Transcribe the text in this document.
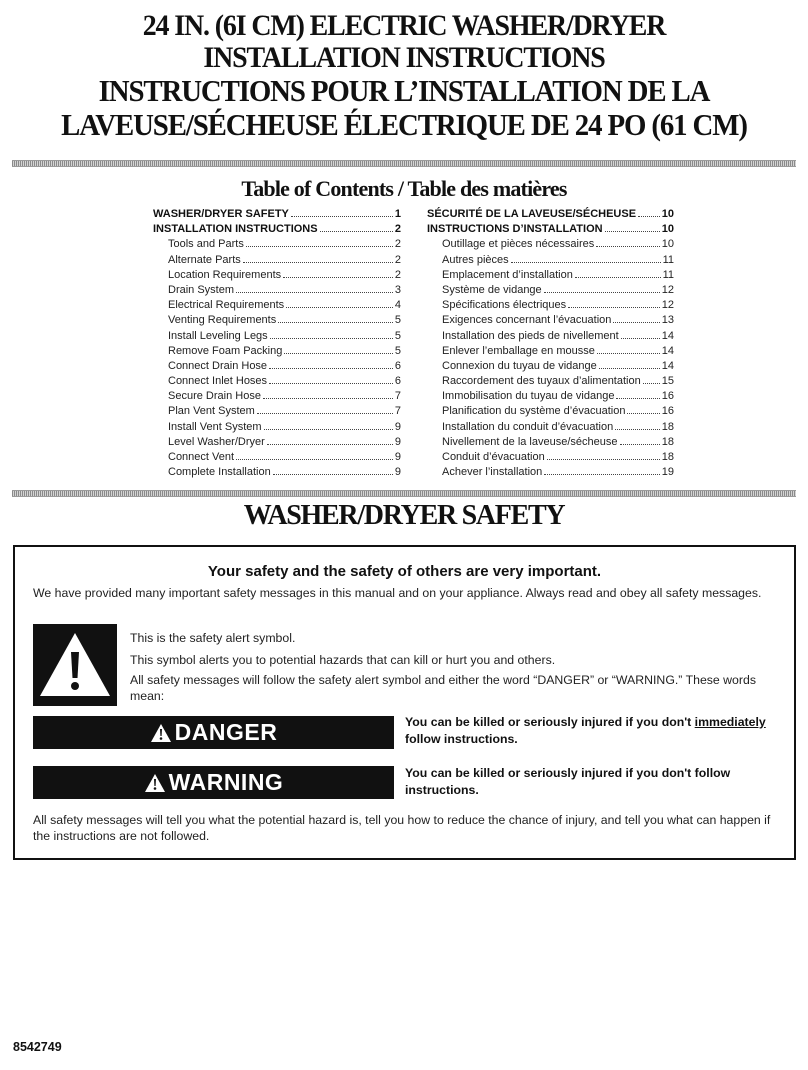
24 IN. (6I CM) ELECTRIC WASHER/DRYER
INSTALLATION INSTRUCTIONS
INSTRUCTIONS POUR L’INSTALLATION DE LA
LAVEUSE/SÉCHEUSE ÉLECTRIQUE DE 24 PO (61 CM)
Table of Contents / Table des matières
WASHER/DRYER SAFETY	1
INSTALLATION INSTRUCTIONS	2
Tools and Parts	2
Alternate Parts	2
Location Requirements	2
Drain System	3
Electrical Requirements	4
Venting Requirements	5
Install Leveling Legs	5
Remove Foam Packing	5
Connect Drain Hose	6
Connect Inlet Hoses	6
Secure Drain Hose	7
Plan Vent System	7
Install Vent System	9
Level Washer/Dryer	9
Connect Vent	9
Complete Installation	9
SÉCURITÉ DE LA LAVEUSE/SÉCHEUSE 10
INSTRUCTIONS D’INSTALLATION	10
Outillage et pièces nécessaires	10
Autres pièces	11
Emplacement d’installation	11
Système de vidange	12
Spécifications électriques	12
Exigences concernant l’évacuation	13
Installation des pieds de nivellement	14
Enlever l’emballage en mousse	14
Connexion du tuyau de vidange	14
Raccordement des tuyaux d’alimentation 15
Immobilisation du tuyau de vidange	16
Planification du système d’évacuation	16
Installation du conduit d’évacuation	18
Nivellement de la laveuse/sécheuse	18
Conduit d’évacuation	18
Achever l’installation	19
WASHER/DRYER SAFETY
Your safety and the safety of others are very important.
We have provided many important safety messages in this manual and on your appliance. Always read and obey all safety messages.
This is the safety alert symbol.
This symbol alerts you to potential hazards that can kill or hurt you and others.
All safety messages will follow the safety alert symbol and either the word “DANGER” or “WARNING.” These words mean:
DANGER	You can be killed or seriously injured if you don't immediately follow instructions.
WARNING	You can be killed or seriously injured if you don't follow instructions.
All safety messages will tell you what the potential hazard is, tell you how to reduce the chance of injury, and tell you what can happen if the instructions are not followed.
8542749
